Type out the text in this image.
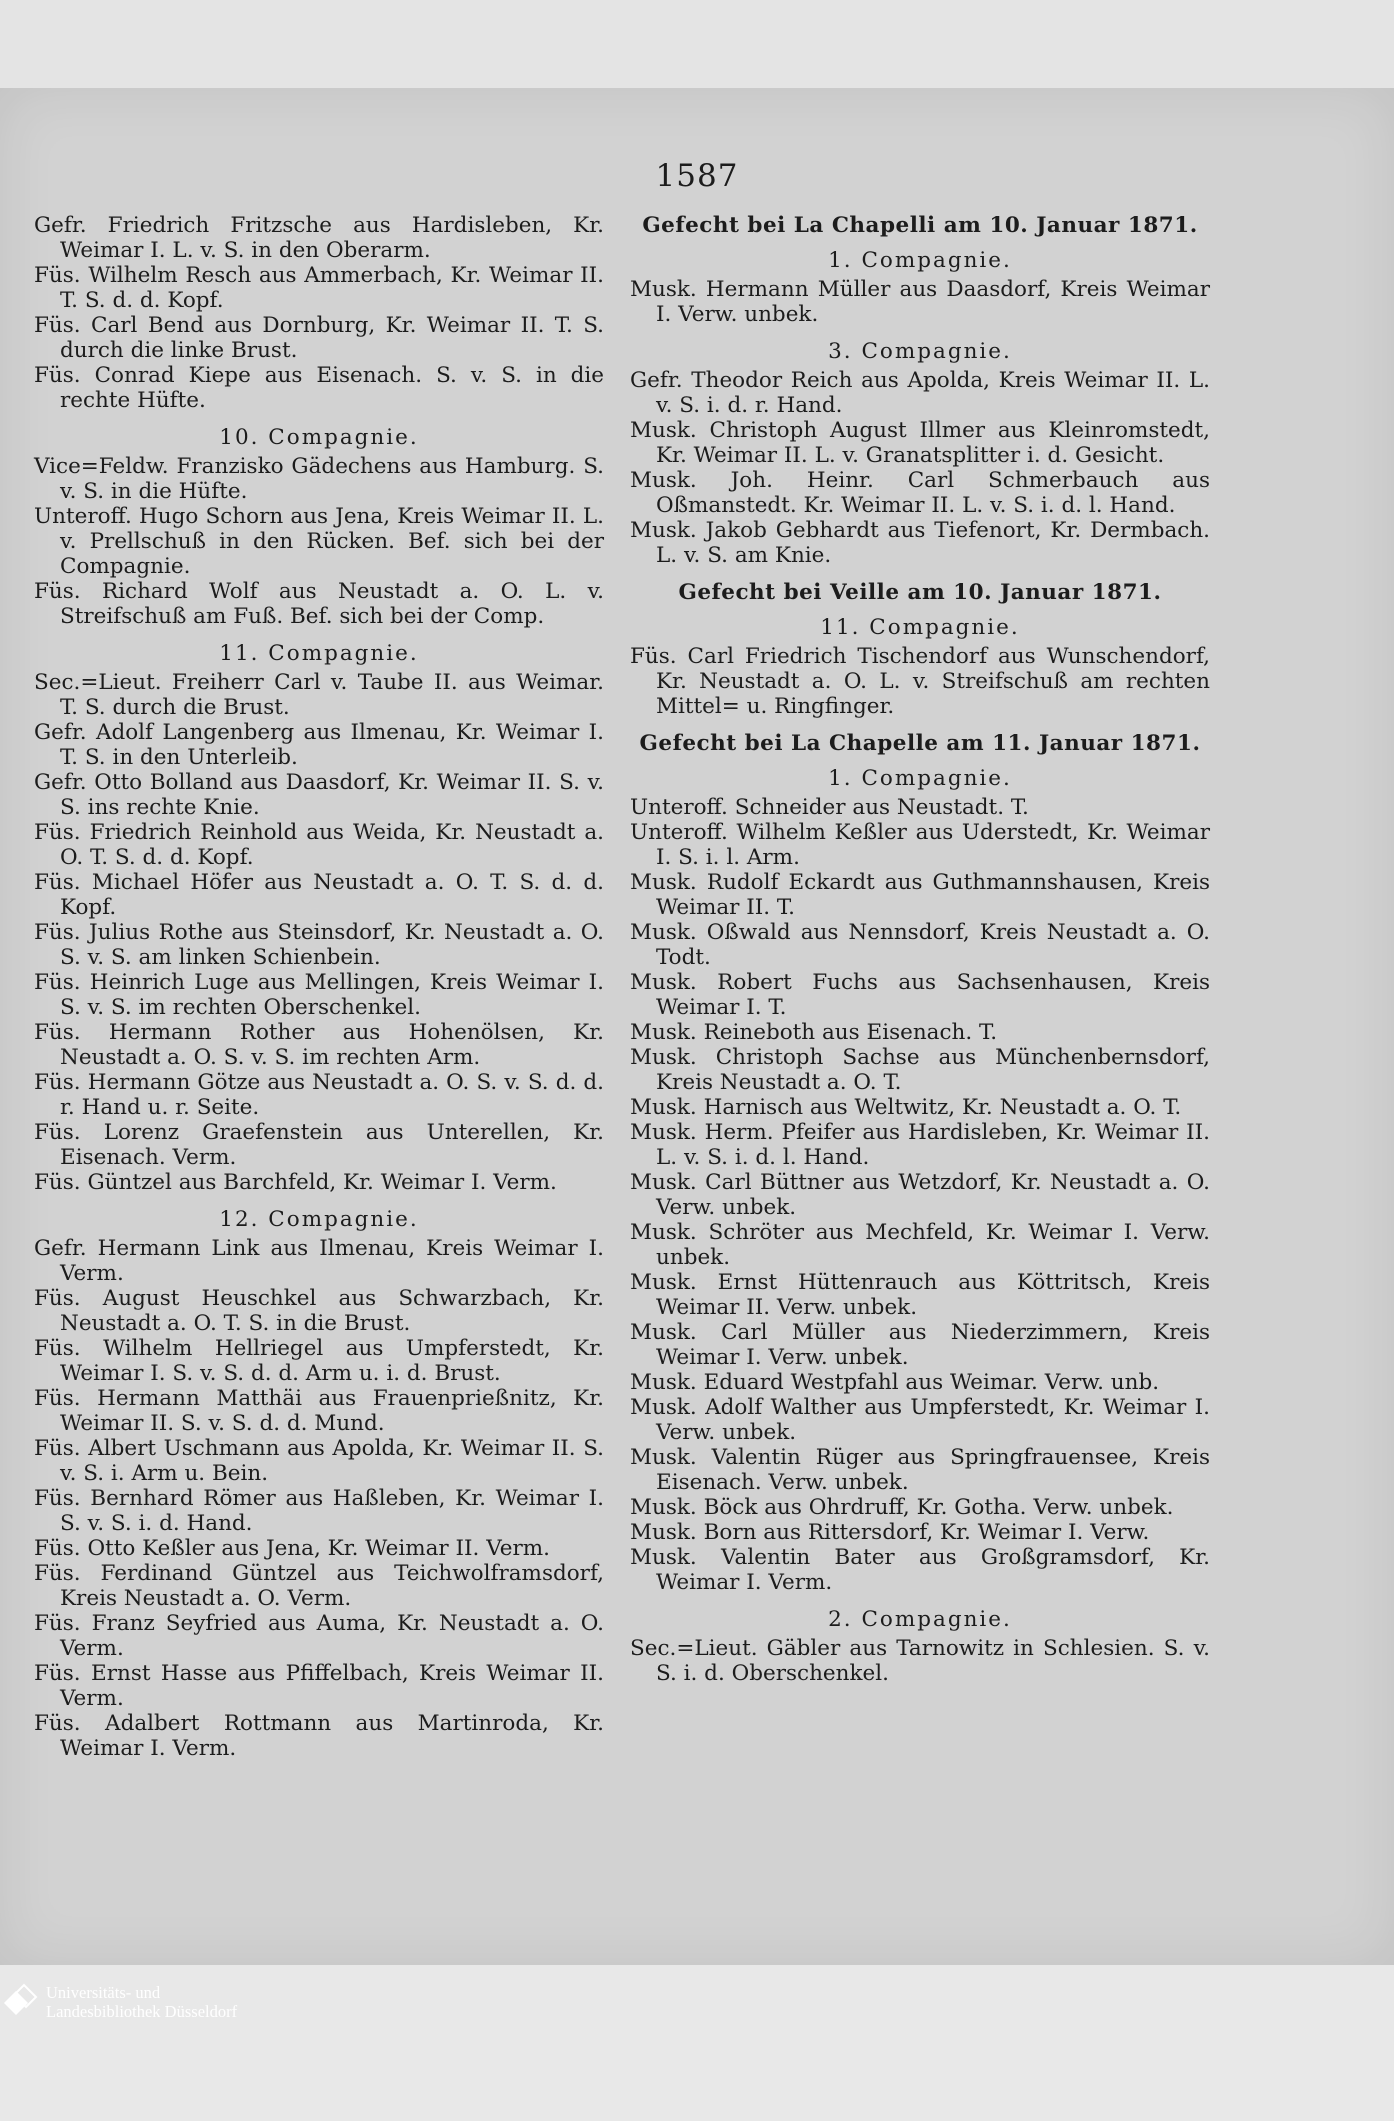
1587

Gefr. Friedrich Fritzsche aus Hardisleben, Kr. Weimar I. L. v. S. in den Oberarm.

Füs. Wilhelm Resch aus Ammerbach, Kr. Weimar II. T. S. d. d. Kopf.

Füs. Carl Bend aus Dornburg, Kr. Weimar II. T. S. durch die linke Brust.

Füs. Conrad Kiepe aus Eisenach. S. v. S. in die rechte Hüfte.

10. Compagnie.

Vice=Feldw. Franzisko Gädechens aus Hamburg. S. v. S. in die Hüfte.

Unteroff. Hugo Schorn aus Jena, Kreis Weimar II. L. v. Prellschuß in den Rücken. Bef. sich bei der Compagnie.

Füs. Richard Wolf aus Neustadt a. O. L. v. Streifschuß am Fuß. Bef. sich bei der Comp.

11. Compagnie.

Sec.=Lieut. Freiherr Carl v. Taube II. aus Weimar. T. S. durch die Brust.

Gefr. Adolf Langenberg aus Ilmenau, Kr. Weimar I. T. S. in den Unterleib.

Gefr. Otto Bolland aus Daasdorf, Kr. Weimar II. S. v. S. ins rechte Knie.

Füs. Friedrich Reinhold aus Weida, Kr. Neustadt a. O. T. S. d. d. Kopf.

Füs. Michael Höfer aus Neustadt a. O. T. S. d. d. Kopf.

Füs. Julius Rothe aus Steinsdorf, Kr. Neustadt a. O. S. v. S. am linken Schienbein.

Füs. Heinrich Luge aus Mellingen, Kreis Weimar I. S. v. S. im rechten Oberschenkel.

Füs. Hermann Rother aus Hohenölsen, Kr. Neustadt a. O. S. v. S. im rechten Arm.

Füs. Hermann Götze aus Neustadt a. O. S. v. S. d. d. r. Hand u. r. Seite.

Füs. Lorenz Graefenstein aus Unterellen, Kr. Eisenach. Verm.

Füs. Güntzel aus Barchfeld, Kr. Weimar I. Verm.

12. Compagnie.

Gefr. Hermann Link aus Ilmenau, Kreis Weimar I. Verm.

Füs. August Heuschkel aus Schwarzbach, Kr. Neustadt a. O. T. S. in die Brust.

Füs. Wilhelm Hellriegel aus Umpferstedt, Kr. Weimar I. S. v. S. d. d. Arm u. i. d. Brust.

Füs. Hermann Matthäi aus Frauenprießnitz, Kr. Weimar II. S. v. S. d. d. Mund.

Füs. Albert Uschmann aus Apolda, Kr. Weimar II. S. v. S. i. Arm u. Bein.

Füs. Bernhard Römer aus Haßleben, Kr. Weimar I. S. v. S. i. d. Hand.

Füs. Otto Keßler aus Jena, Kr. Weimar II. Verm.

Füs. Ferdinand Güntzel aus Teichwolframsdorf, Kreis Neustadt a. O. Verm.

Füs. Franz Seyfried aus Auma, Kr. Neustadt a. O. Verm.

Füs. Ernst Hasse aus Pfiffelbach, Kreis Weimar II. Verm.

Füs. Adalbert Rottmann aus Martinroda, Kr. Weimar I. Verm.

Gefecht bei La Chapelli am 10. Januar 1871.
1. Compagnie.

Musk. Hermann Müller aus Daasdorf, Kreis Weimar I. Verw. unbek.

3. Compagnie.

Gefr. Theodor Reich aus Apolda, Kreis Weimar II. L. v. S. i. d. r. Hand.

Musk. Christoph August Illmer aus Kleinromstedt, Kr. Weimar II. L. v. Granatsplitter i. d. Gesicht.

Musk. Joh. Heinr. Carl Schmerbauch aus Oßmanstedt. Kr. Weimar II. L. v. S. i. d. l. Hand.

Musk. Jakob Gebhardt aus Tiefenort, Kr. Dermbach. L. v. S. am Knie.

Gefecht bei Veille am 10. Januar 1871.
11. Compagnie.

Füs. Carl Friedrich Tischendorf aus Wunschendorf, Kr. Neustadt a. O. L. v. Streifschuß am rechten Mittel= u. Ringfinger.

Gefecht bei La Chapelle am 11. Januar 1871.
1. Compagnie.

Unteroff. Schneider aus Neustadt. T.

Unteroff. Wilhelm Keßler aus Uderstedt, Kr. Weimar I. S. i. l. Arm.

Musk. Rudolf Eckardt aus Guthmannshausen, Kreis Weimar II. T.

Musk. Oßwald aus Nennsdorf, Kreis Neustadt a. O. Todt.

Musk. Robert Fuchs aus Sachsenhausen, Kreis Weimar I. T.

Musk. Reineboth aus Eisenach. T.

Musk. Christoph Sachse aus Münchenbernsdorf, Kreis Neustadt a. O. T.

Musk. Harnisch aus Weltwitz, Kr. Neustadt a. O. T.

Musk. Herm. Pfeifer aus Hardisleben, Kr. Weimar II. L. v. S. i. d. l. Hand.

Musk. Carl Büttner aus Wetzdorf, Kr. Neustadt a. O. Verw. unbek.

Musk. Schröter aus Mechfeld, Kr. Weimar I. Verw. unbek.

Musk. Ernst Hüttenrauch aus Köttritsch, Kreis Weimar II. Verw. unbek.

Musk. Carl Müller aus Niederzimmern, Kreis Weimar I. Verw. unbek.

Musk. Eduard Westpfahl aus Weimar. Verw. unb.

Musk. Adolf Walther aus Umpferstedt, Kr. Weimar I. Verw. unbek.

Musk. Valentin Rüger aus Springfrauensee, Kreis Eisenach. Verw. unbek.

Musk. Böck aus Ohrdruff, Kr. Gotha. Verw. unbek.

Musk. Born aus Rittersdorf, Kr. Weimar I. Verw.

Musk. Valentin Bater aus Großgramsdorf, Kr. Weimar I. Verm.

2. Compagnie.

Sec.=Lieut. Gäbler aus Tarnowitz in Schlesien. S. v. S. i. d. Oberschenkel.

Universitäts- und
Landesbibliothek Düsseldorf
